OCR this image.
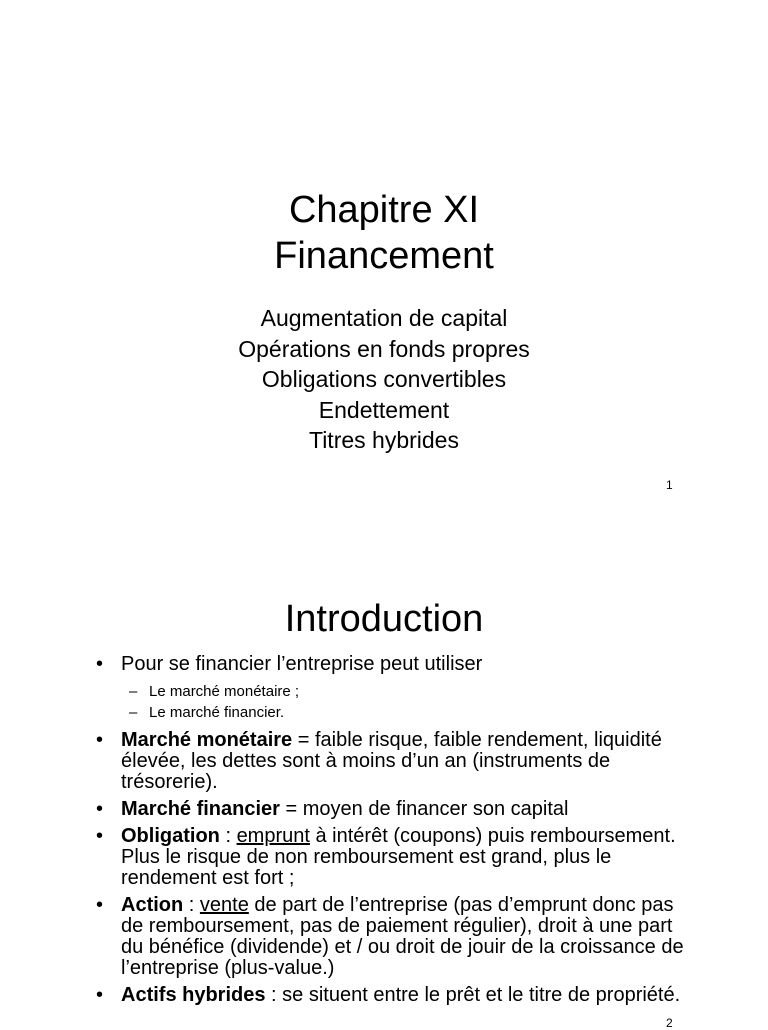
Chapitre XI
Financement
Augmentation de capital
Opérations en fonds propres
Obligations convertibles
Endettement
Titres hybrides
1
Introduction
• Pour se financier l’entreprise peut utiliser
– Le marché monétaire ;
– Le marché financier.
• Marché monétaire = faible risque, faible rendement, liquidité élevée, les dettes sont à moins d’un an (instruments de trésorerie).
• Marché financier = moyen de financer son capital
• Obligation : emprunt à intérêt (coupons) puis remboursement. Plus le risque de non remboursement est grand, plus le rendement est fort ;
• Action : vente de part de l’entreprise (pas d’emprunt donc pas de remboursement, pas de paiement régulier), droit à une part du bénéfice (dividende) et / ou droit de jouir de la croissance de l’entreprise (plus-value.)
• Actifs hybrides : se situent entre le prêt et le titre de propriété.
2
